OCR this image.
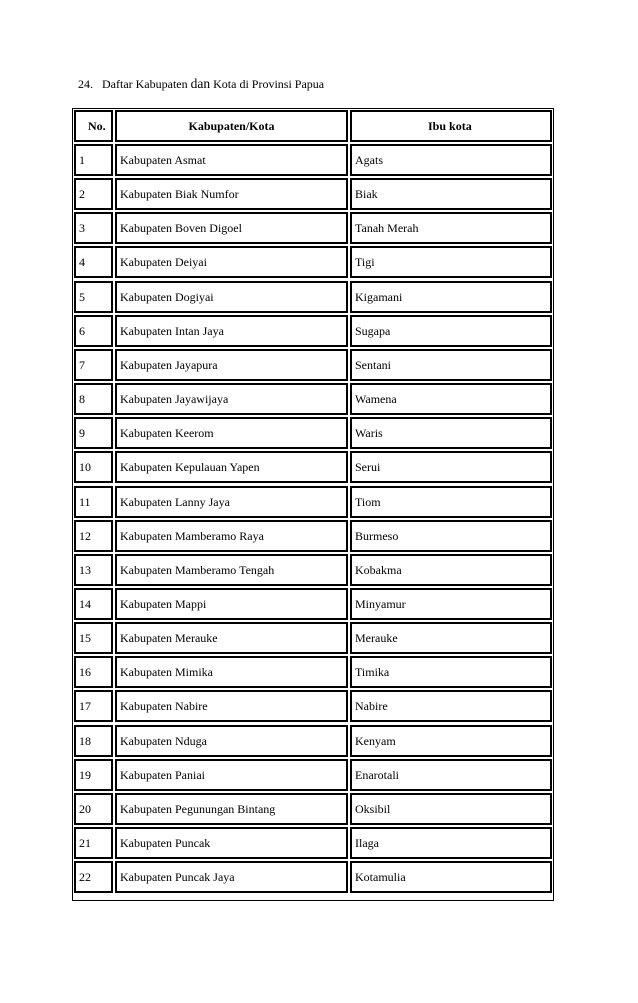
24. Daftar Kabupaten dan Kota di Provinsi Papua
No.	Kabupaten/Kota	Ibu kota
1	Kabupaten Asmat	Agats
2	Kabupaten Biak Numfor	Biak
3	Kabupaten Boven Digoel	Tanah Merah
4	Kabupaten Deiyai	Tigi
5	Kabupaten Dogiyai	Kigamani
6	Kabupaten Intan Jaya	Sugapa
7	Kabupaten Jayapura	Sentani
8	Kabupaten Jayawijaya	Wamena
9	Kabupaten Keerom	Waris
10	Kabupaten Kepulauan Yapen	Serui
11	Kabupaten Lanny Jaya	Tiom
12	Kabupaten Mamberamo Raya	Burmeso
13	Kabupaten Mamberamo Tengah	Kobakma
14	Kabupaten Mappi	Minyamur
15	Kabupaten Merauke	Merauke
16	Kabupaten Mimika	Timika
17	Kabupaten Nabire	Nabire
18	Kabupaten Nduga	Kenyam
19	Kabupaten Paniai	Enarotali
20	Kabupaten Pegunungan Bintang	Oksibil
21	Kabupaten Puncak	Ilaga
22	Kabupaten Puncak Jaya	Kotamulia
